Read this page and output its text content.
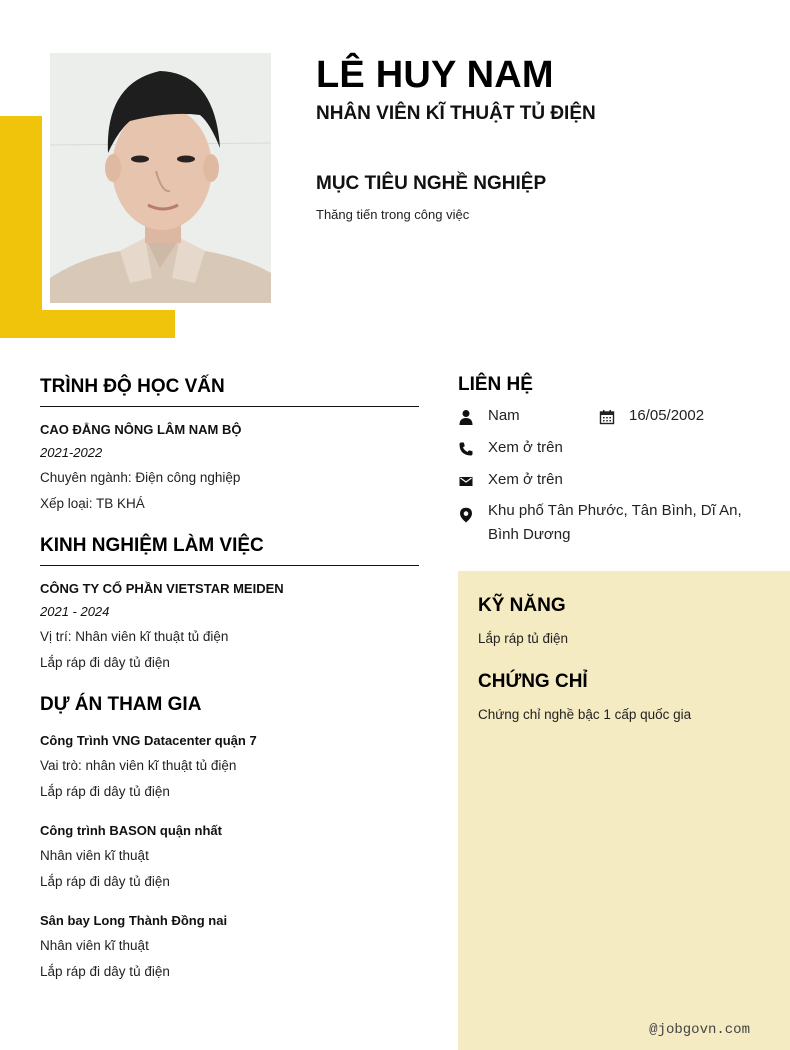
LÊ HUY NAM
NHÂN VIÊN KĨ THUẬT TỦ ĐIỆN
MỤC TIÊU NGHỀ NGHIỆP
Thăng tiến trong công việc
TRÌNH ĐỘ HỌC VẤN
CAO ĐẲNG NÔNG LÂM NAM BỘ
2021-2022
Chuyên ngành: Điện công nghiệp
Xếp loại: TB KHÁ
KINH NGHIỆM LÀM VIỆC
CÔNG TY CỔ PHẦN VIETSTAR MEIDEN
2021 - 2024
Vị trí: Nhân viên kĩ thuật tủ điện
Lắp ráp đi dây tủ điện
DỰ ÁN THAM GIA
Công Trình VNG Datacenter quận 7
Vai trò: nhân viên kĩ thuật tủ điện
Lắp ráp đi dây tủ điện
Công trình BASON quận nhất
Nhân viên kĩ thuật
Lắp ráp đi dây tủ điện
Sân bay Long Thành Đồng nai
Nhân viên kĩ thuật
Lắp ráp đi dây tủ điện
LIÊN HỆ
Nam	16/05/2002
Xem ở trên
Xem ở trên
Khu phố Tân Phước, Tân Bình, Dĩ An,
Bình Dương
KỸ NĂNG
Lắp ráp tủ điện
CHỨNG CHỈ
Chứng chỉ nghề bậc 1 cấp quốc gia
@jobgovn.com
